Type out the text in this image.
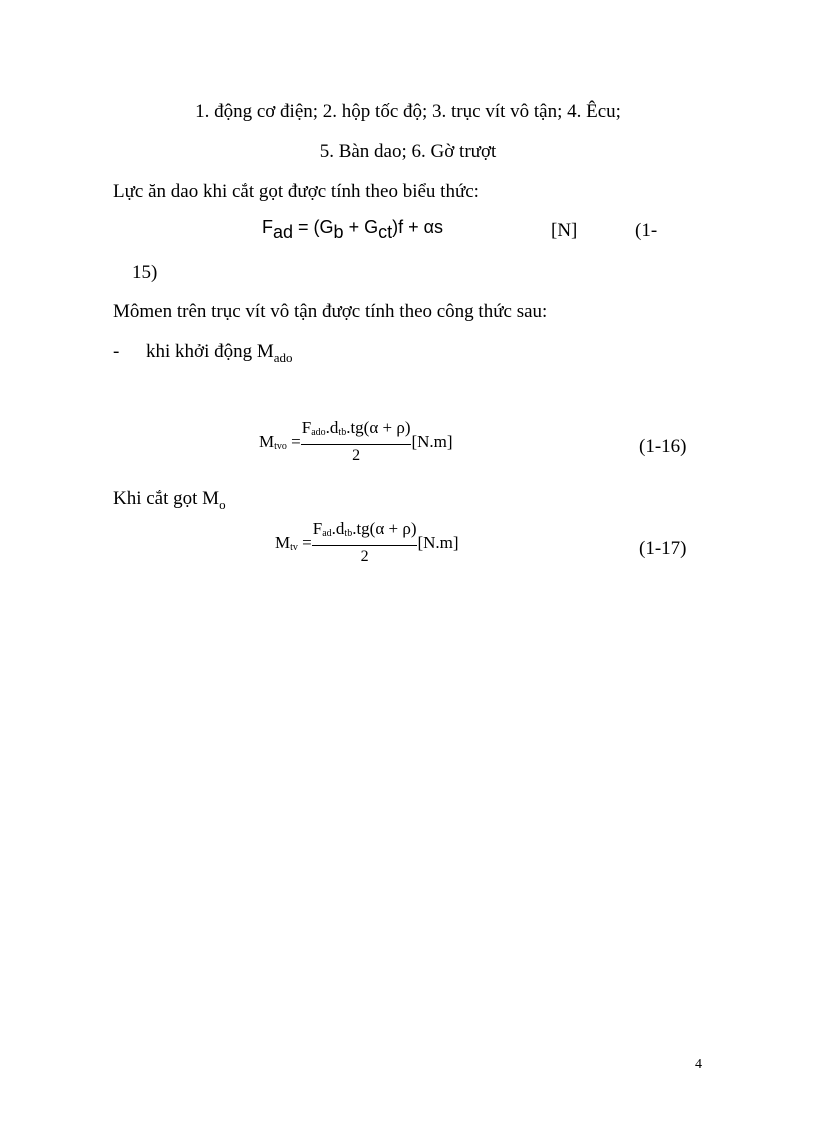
1. động cơ điện; 2. hộp tốc độ; 3. trục vít vô tận; 4. Êcu;
5. Bàn dao; 6. Gờ trượt
Lực ăn dao khi cắt gọt được tính theo biểu thức:
Fad = (Gb + Gct)f + αs	[N]	(1-
15)
Mômen trên trục vít vô tận được tính theo công thức sau:
- khi khởi động $M_{ado}$
Mtvo = $\frac{\text{Fado.dtb.tg(α + ρ)}}{2} [N.m]$	(1-16)
Khi cắt gọt $M_o$
Mtv = $\frac{\text{Fad.dtb.tg(α + ρ)}}{2} [N.m]$	(1-17)
4
